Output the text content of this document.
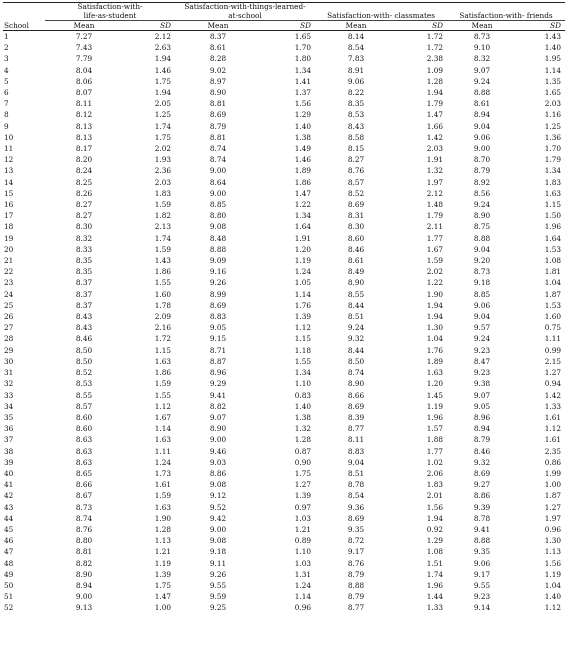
	Satisfaction-with-
life-as-student		Satisfaction-with-things-learned-
at-school		Satisfaction-with- classmates		Satisfaction-with- friends	
School	Mean	SD	Mean	SD	Mean	SD	Mean	SD
1	7.27	2.12	8.37	1.65	8.14	1.72	8.73	1.43
2	7.43	2.63	8.61	1.70	8.54	1.72	9.10	1.40
3	7.79	1.94	8.28	1.80	7.83	2.38	8.32	1.95
4	8.04	1.46	9.02	1.34	8.91	1.09	9.07	1.14
5	8.06	1.75	8.97	1.41	9.06	1.28	9.24	1.35
6	8.07	1.94	8.90	1.37	8.22	1.94	8.88	1.65
7	8.11	2.05	8.81	1.56	8.35	1.79	8.61	2.03
8	8.12	1.25	8.69	1.29	8.53	1.47	8.94	1.16
9	8.13	1.74	8.79	1.40	8.43	1.66	9.04	1.25
10	8.13	1.75	8.81	1.38	8.58	1.42	9.06	1.36
11	8.17	2.02	8.74	1.49	8.15	2.03	9.00	1.70
12	8.20	1.93	8.74	1.46	8.27	1.91	8.70	1.79
13	8.24	2.36	9.00	1.89	8.76	1.32	8.79	1.34
14	8.25	2.03	8.64	1.86	8.57	1.97	8.92	1.83
15	8.26	1.83	9.00	1.47	8.52	2.12	8.56	1.63
16	8.27	1.59	8.85	1.22	8.69	1.48	9.24	1.15
17	8.27	1.82	8.80	1.34	8.31	1.79	8.90	1.50
18	8.30	2.13	9.08	1.64	8.30	2.11	8.75	1.96
19	8.32	1.74	8.48	1.91	8.60	1.77	8.88	1.64
20	8.33	1.59	8.88	1.20	8.46	1.67	9.04	1.53
21	8.35	1.43	9.09	1.19	8.61	1.59	9.20	1.08
22	8.35	1.86	9.16	1.24	8.49	2.02	8.73	1.81
23	8.37	1.55	9.26	1.05	8.90	1.22	9.18	1.04
24	8.37	1.60	8.99	1.14	8.55	1.90	8.85	1.87
25	8.37	1.78	8.69	1.76	8.44	1.94	9.06	1.53
26	8.43	2.09	8.83	1.39	8.51	1.94	9.04	1.60
27	8.43	2.16	9.05	1.12	9.24	1.30	9.57	0.75
28	8.46	1.72	9.15	1.15	9.32	1.04	9.24	1.11
29	8.50	1.15	8.71	1.18	8.44	1.76	9.23	0.99
30	8.50	1.63	8.87	1.55	8.50	1.89	8.47	2.15
31	8.52	1.86	8.96	1.34	8.74	1.63	9.23	1.27
32	8.53	1.59	9.29	1.10	8.90	1.20	9.38	0.94
33	8.55	1.55	9.41	0.83	8.66	1.45	9.07	1.42
34	8.57	1.12	8.82	1.40	8.69	1.19	9.05	1.33
35	8.60	1.67	9.07	1.38	8.39	1.96	8.96	1.61
36	8.60	1.14	8.90	1.32	8.77	1.57	8.94	1.12
37	8.63	1.63	9.00	1.28	8.11	1.88	8.79	1.61
38	8.63	1.11	9.46	0.87	8.83	1.77	8.46	2.35
39	8.63	1.24	9.03	0.90	9.04	1.02	9.32	0.86
40	8.65	1.73	8.86	1.75	8.51	2.06	8.69	1.99
41	8.66	1.61	9.08	1.27	8.78	1.83	9.27	1.00
42	8.67	1.59	9.12	1.39	8.54	2.01	8.86	1.87
43	8.73	1.63	9.52	0.97	9.36	1.56	9.39	1.27
44	8.74	1.90	9.42	1.03	8.69	1.94	8.78	1.97
45	8.76	1.28	9.00	1.21	9.35	0.92	9.41	0.96
46	8.80	1.13	9.08	0.89	8.72	1.29	8.88	1.30
47	8.81	1.21	9.18	1.10	9.17	1.08	9.35	1.13
48	8.82	1.19	9.11	1.03	8.76	1.51	9.06	1.56
49	8.90	1.39	9.26	1.31	8.79	1.74	9.17	1.19
50	8.94	1.75	9.55	1.24	8.88	1.96	9.55	1.04
51	9.00	1.47	9.59	1.14	8.79	1.44	9.23	1.40
52	9.13	1.00	9.25	0.96	8.77	1.33	9.14	1.12
